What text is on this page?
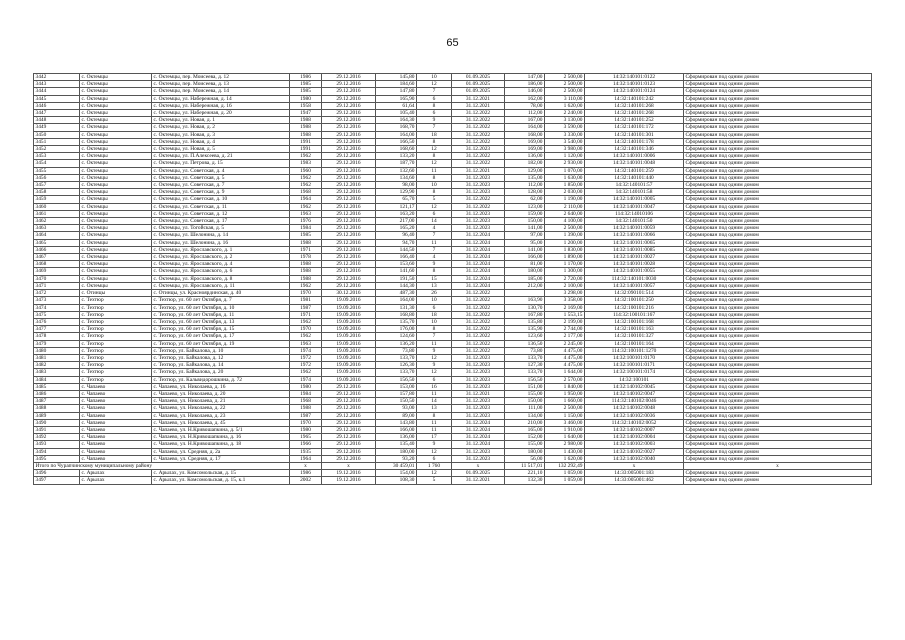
65
3442	с. Октемцы	с. Октемцы, пер. Моисеева, д. 12	1986	29.12.2016	145,80	10	01.09.2025	147,00	2 500,00	14:32:140101:0122	Сформирован под одним домом
3443	с. Октемцы	с. Октемцы, пер. Моисеева, д. 13	1985	29.12.2016	184,60	12	01.09.2025	186,00	2 500,00	14:32:140101:0123	Сформирован под одним домом
3444	с. Октемцы	с. Октемцы, пер. Моисеева, д. 14	1985	29.12.2016	147,80	7	01.09.2025	146,00	2 500,00	14:32:140101:0124	Сформирован под одним домом
3445	с. Октемцы	с. Октемцы, ул. Набережная, д. 14	1980	29.12.2016	165,90	6	31.12.2021	162,00	3 110,00	14:32:140101:242	Сформирован под одним домом
3446	с. Октемцы	с. Октемцы, ул. Набережная, д. 16	1958	29.12.2016	61,64	8	31.12.2021	78,00	1 620,00	14:32:140101:268	Сформирован под одним домом
3447	с. Октемцы	с. Октемцы, ул. Набережная, д. 20	1947	29.12.2016	105,40	6	31.12.2022	112,00	2 240,00	14:32:140101:268	Сформирован под одним домом
3448	с. Октемцы	с. Октемцы, ул. Новая, д. 1	1988	29.12.2016	164,30	9	31.12.2022	167,00	3 130,00	14:32:140101:252	Сформирован под одним домом
3449	с. Октемцы	с. Октемцы, ул. Новая, д. 2	1988	29.12.2016	168,70	7	31.12.2022	164,00	3 590,00	14:32:140101:172	Сформирован под одним домом
3450	с. Октемцы	с. Октемцы, ул. Новая, д. 3	1988	29.12.2016	164,00	18	31.12.2022	168,00	3 330,00	14:32:140101:301	Сформирован под одним домом
3451	с. Октемцы	с. Октемцы, ул. Новая, д. 4	1991	29.12.2016	166,50	8	31.12.2022	169,00	3 540,00	14:32:140101:178	Сформирован под одним домом
3452	с. Октемцы	с. Октемцы, ул. Новая, д. 5	1991	29.12.2016	168,60	12	31.12.2023	169,00	3 980,00	14:32:140101:346	Сформирован под одним домом
3453	с. Октемцы	с. Октемцы, ул. П.Алексеева, д. 21	1962	29.12.2016	133,20	8	31.12.2022	136,00	1 120,00	14:32:140101:0006	Сформирован под одним домом
3454	с. Октемцы	с. Октемцы, ул. Петрова, д. 15	1983	29.12.2016	187,70	12	31.12.2022	182,00	2 930,00	14:32:140101:0048	Сформирован под одним домом
3455	с. Октемцы	с. Октемцы, ул. Советская, д. 4	1960	29.12.2016	132,60	11	31.12.2021	129,00	1 070,00	14:32:140101:259	Сформирован под одним домом
3456	с. Октемцы	с. Октемцы, ул. Советская, д. 5	1962	29.12.2016	134,60	8	31.12.2023	135,00	1 630,00	14:32:140101:440	Сформирован под одним домом
3457	с. Октемцы	с. Октемцы, ул. Советская, д. 7	1962	29.12.2016	98,00	10	31.12.2023	112,00	1 850,00	14:32:140101:57	Сформирован под одним домом
3458	с. Октемцы	с. Октемцы, ул. Советская, д. 9	1968	29.12.2016	129,90	8	31.12.2023	128,00	2 030,00	14:32:140101:58	Сформирован под одним домом
3459	с. Октемцы	с. Октемцы, ул. Советская, д. 10	1964	29.12.2016	65,70	5	31.12.2022	62,00	1 190,00	14:32:140101:0005	Сформирован под одним домом
3460	с. Октемцы	с. Октемцы, ул. Советская, д. 11	1962	29.12.2016	121,17	12	31.12.2022	123,00	2 110,00	14:32:140101:0047	Сформирован под одним домом
3461	с. Октемцы	с. Октемцы, ул. Советская, д. 12	1963	29.12.2016	163,20	6	31.12.2023	159,00	2 640,00	114:32:14010106	Сформирован под одним домом
3462	с. Октемцы	с. Октемцы, ул. Советская, д. 17	1976	29.12.2016	217,00	14	31.12.2023	150,00	4 100,00	14:32:140101:50	Сформирован под одним домом
3463	с. Октемцы	с. Октемцы, ул. Тогойская, д. 5	1984	29.12.2016	165,20	4	31.12.2023	141,00	2 500,00	14:32:140101:0059	Сформирован под одним домом
3464	с. Октемцы	с. Октемцы, ул. Шелонина, д. 14	1985	29.12.2016	96,40	7	31.12.2024	97,00	1 390,00	14:32:140101:0066	Сформирован под одним домом
3465	с. Октемцы	с. Октемцы, ул. Шелонина, д. 16	1988	29.12.2016	94,70	11	31.12.2024	95,00	1 200,00	14:32:140101:0065	Сформирован под одним домом
3466	с. Октемцы	с. Октемцы, ул. Ярославского, д. 1	1971	29.12.2016	144,50	7	31.12.2024	141,00	1 830,00	14:32:140101:0085	Сформирован под одним домом
3467	с. Октемцы	с. Октемцы, ул. Ярославского, д. 2	1978	29.12.2016	166,40	4	31.12.2024	166,00	1 890,00	14:32:140101:0027	Сформирован под одним домом
3468	с. Октемцы	с. Октемцы, ул. Ярославского, д. 4	1988	29.12.2016	153,60	9	31.12.2024	81,00	1 170,00	14:32:140101:0028	Сформирован под одним домом
3469	с. Октемцы	с. Октемцы, ул. Ярославского, д. 6	1988	29.12.2016	141,60	8	31.12.2024	180,00	1 300,00	14:32:140101:0055	Сформирован под одним домом
3470	с. Октемцы	с. Октемцы, ул. Ярославского, д. 8	1988	29.12.2016	191,50	15	31.12.2024	185,00	2 720,00	114:32:140101:0030	Сформирован под одним домом
3471	с. Октемцы	с. Октемцы, ул. Ярославского, д. 11	1962	29.12.2016	144,30	13	31.12.2024	212,00	2 100,00	14:32:140101:0057	Сформирован под одним домом
3472	с. Отинцы	с. Отинцы, ул. Красноярдинская, д. 40	1970	30.12.2016	487,30	26	31.12.2022		3 298,00	14:32:090101:514	Сформирован под одним домом
3473	с. Техтюр	с. Техтюр, ул. 60 лет Октября, д. 7	1981	19.09.2016	164,00	10	31.12.2022	163,90	3 358,00	14:32:100101:250	Сформирован под одним домом
3474	с. Техтюр	с. Техтюр, ул. 60 лет Октября, д. 10	1987	19.09.2016	131,30	6	31.12.2022	130,70	2 169,00	14:32:100101:216	Сформирован под одним домом
3475	с. Техтюр	с. Техтюр, ул. 60 лет Октября, д. 11	1971	19.09.2016	168,80	18	31.12.2022	167,80	1 553,15	114:32:100101:167	Сформирован под одним домом
3476	с. Техтюр	с. Техтюр, ул. 60 лет Октября, д. 13	1962	19.09.2016	135,70	10	31.12.2022	135,80	2 199,00	14:32:100101:168	Сформирован под одним домом
3477	с. Техтюр	с. Техтюр, ул. 60 лет Октября, д. 15	1970	19.09.2016	176,00	8	31.12.2022	135,90	2 744,00	14:32:100101:163	Сформирован под одним домом
3478	с. Техтюр	с. Техтюр, ул. 60 лет Октября, д. 17	1962	19.09.2016	124,60	7	31.12.2022	123,60	2 177,00	14:32:100101:327	Сформирован под одним домом
3479	с. Техтюр	с. Техтюр, ул. 60 лет Октября, д. 19	1963	19.09.2016	136,20	11	31.12.2022	136,50	2 245,00	14:32:100101:164	Сформирован под одним домом
3480	с. Техтюр	с. Техтюр, ул. Байкалова, д. 10	1974	19.09.2016	73,80	9	31.12.2022	73,80	4 475,00	114:32:100101:1270	Сформирован под одним домом
3481	с. Техтюр	с. Техтюр, ул. Байкалова, д. 12	1972	19.09.2016	133,70	12	31.12.2023	133,70	4 475,00	14:32:100101:0170	Сформирован под одним домом
3482	с. Техтюр	с. Техтюр, ул. Байкалова, д. 14	1972	19.09.2016	126,30	9	31.12.2023	127,30	4 475,00	14:32:100101:0171	Сформирован под одним домом
3483	с. Техтюр	с. Техтюр, ул. Байкалова, д. 20	1962	19.09.2016	133,70	12	31.12.2023	133,70	1 644,00	14:32:100101:0174	Сформирован под одним домом
3484	с. Техтюр	с. Техтюр, ул. Кальвидорошкина, д. 72	1974	19.09.2016	156,50	6	31.12.2023	156,50	2 570,00	14:32:100101	Сформирован под одним домом
3485	с. Чапаево	с. Чапаево, ул. Николаева, д. 16	1980	29.12.2016	153,00	16	31.12.2023	151,00	1 840,00	14:32:140102:0045	Сформирован под одним домом
3486	с. Чапаево	с. Чапаево, ул. Николаева, д. 20	1984	29.12.2016	157,80	11	31.12.2021	155,00	1 950,00	14:32:140102:0047	Сформирован под одним домом
3487	с. Чапаево	с. Чапаево, ул. Николаева, д. 21	1968	29.12.2016	150,50	14	31.12.2023	150,00	1 660,00	114:32:140102:0046	Сформирован под одним домом
3488	с. Чапаево	с. Чапаево, ул. Николаева, д. 22	1988	29.12.2016	93,00	13	31.12.2023	111,00	2 500,00	14:32:140102:0048	Сформирован под одним домом
3489	с. Чапаево	с. Чапаево, ул. Николаева, д. 23	1987	29.12.2016	89,00	8	31.12.2023	134,00	1 150,00	14:32:140102:0036	Сформирован под одним домом
3490	с. Чапаево	с. Чапаево, ул. Николаева, д. 45	1970	29.12.2016	143,80	11	31.12.2024	210,00	3 460,00	114:32:140102:0052	Сформирован под одним домом
3491	с. Чапаево	с. Чапаево, ул. Н.Кривошапкина, д. 5/1	1980	29.12.2016	166,00	11	31.12.2024	165,00	1 910,00	14:32:140102:0007	Сформирован под одним домом
3492	с. Чапаево	с. Чапаево, ул. Н.Кривошапкина, д. 16	1965	29.12.2016	136,00	17	31.12.2024	152,00	1 640,00	14:32:140102:0004	Сформирован под одним домом
3493	с. Чапаево	с. Чапаево, ул. Н.Кривошапкина, д. 18	1966	29.12.2016	135,40	9	31.12.2024	155,00	2 980,00	14:32:140102:0003	Сформирован под одним домом
3494	с. Чапаево	с. Чапаево, ул. Средняя, д. 2а	1935	29.12.2016	180,00	12	31.12.2023	180,00	1 430,00	14:32:140102:0027	Сформирован под одним домом
3495	с. Чапаево	с. Чапаево, ул. Средняя, д. 17	1964	29.12.2016	93,20	6	31.12.2023	56,00	1 620,00	14:32:140102:0040	Сформирован под одним домом
Итого по Чурапчинскому муниципальному району			х	х	30 459,01	1 760	х	11 517,01	132 292,49	х	х
3496	с. Арылах	с. Арылах, ул. Комсомольская, д. 15	1986	19.12.2016	154,00	12	01.09.2025	221,10	1 059,00	14:33:005001:183	Сформирован под одним домом
3497	с. Арылах	с. Арылах, ул. Комсомольская, д. 15, к.1	2002	19.12.2016	108,30	5	31.12.2021	132,30	1 059,00	14:33:005001:462	Сформирован под одним домом
